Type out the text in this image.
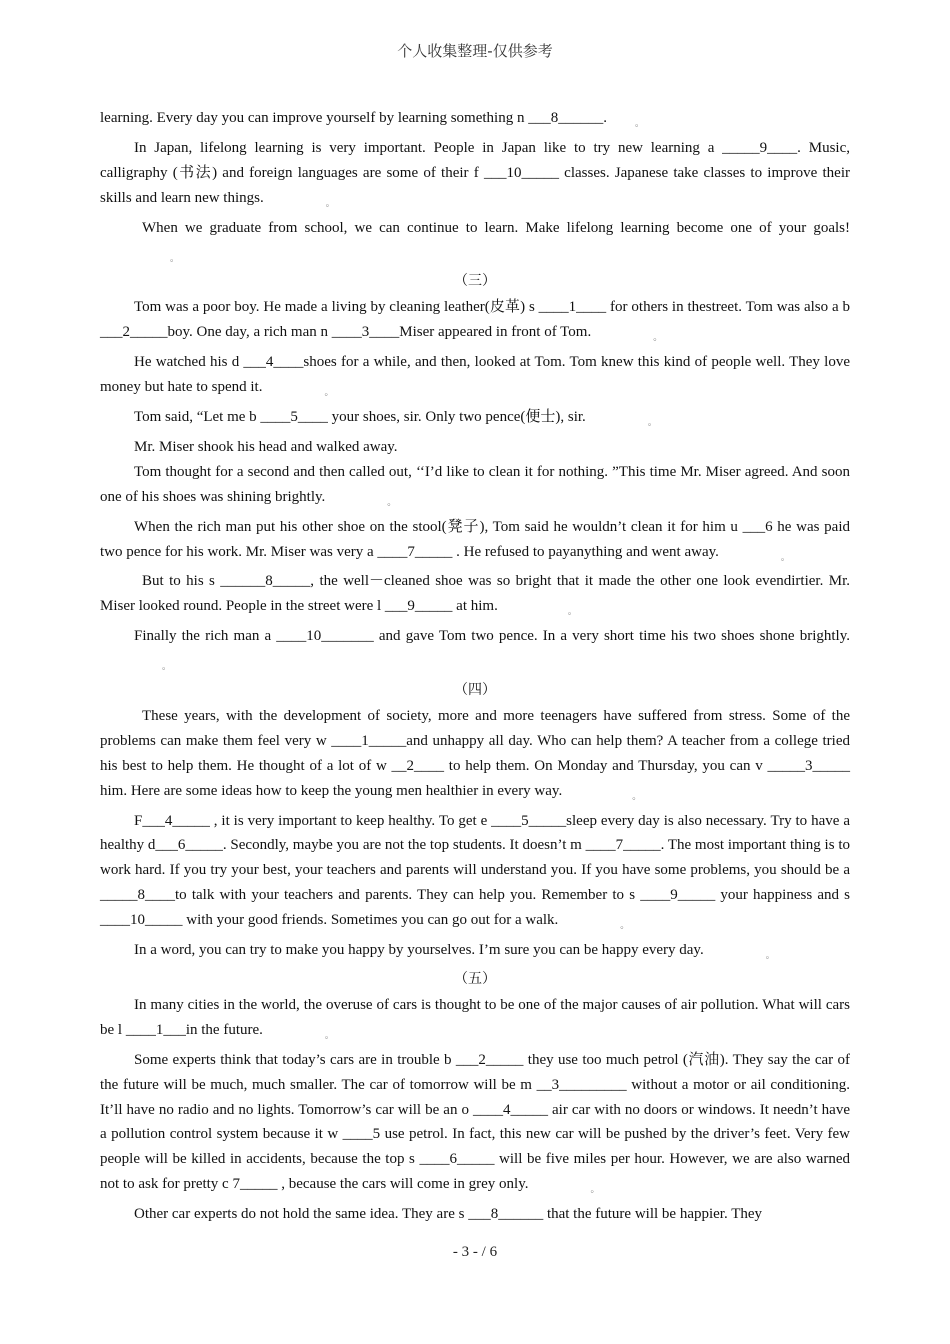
个人收集整理-仅供参考

learning. Every day you can improve yourself by learning something n ___8______.	。

In Japan, lifelong learning is very important. People in Japan like to try new learning a _____9____. Music, calligraphy (书法) and foreign languages are some of their f ___10_____ classes. Japanese take classes to improve their skills and learn new things.	。

When we graduate from school, we can continue to learn. Make lifelong learning become one of your goals!。

（三）

Tom was a poor boy. He made a living by cleaning leather(皮革) s ____1____ for others in thestreet. Tom was also a b ___2_____boy. One day, a rich man n ____3____Miser appeared in front of Tom.	。

He watched his d ___4____shoes for a while, and then, looked at Tom. Tom knew this kind of people well. They love money but hate to spend it.	。

Tom said, “Let me b ____5____ your shoes, sir. Only two pence(便士), sir.	。

Mr. Miser shook his head and walked away.

Tom thought for a second and then called out, ‘‘I’d like to clean it for nothing. ”This time Mr. Miser agreed. And soon one of his shoes was shining brightly.	。

When the rich man put his other shoe on the stool(凳子), Tom said he wouldn’t clean it for him u ___6 he was paid two pence for his work. Mr. Miser was very a ____7_____ . He refused to payanything and went away.	。

But to his s ______8_____, the well－cleaned shoe was so bright that it made the other one look evendirtier. Mr. Miser looked round. People in the street were l ___9_____ at him.	。

Finally the rich man a ____10_______ and gave Tom two pence. In a very short time his two shoes shone brightly.。

（四）

These years, with the development of society, more and more teenagers have suffered from stress. Some of the problems can make them feel very w ____1_____and unhappy all day. Who can help them? A teacher from a college tried his best to help them. He thought of a lot of w __2____ to help them. On Monday and Thursday, you can v _____3_____ him. Here are some ideas how to keep the young men healthier in every way.	。

F___4_____ , it is very important to keep healthy. To get e ____5_____sleep every day is also necessary. Try to have a healthy d___6_____. Secondly, maybe you are not the top students. It doesn’t m ____7_____. The most important thing is to work hard. If you try your best, your teachers and parents will understand you. If you have some problems, you should be a _____8____to talk with your teachers and parents. They can help you. Remember to s ____9_____ your happiness and s ____10_____ with your good friends. Sometimes you can go out for a walk.	。

In a word, you can try to make you happy by yourselves. I’m sure you can be happy every day.	。

（五）

In many cities in the world, the overuse of cars is thought to be one of the major causes of air pollution. What will cars be l ____1___in the future.	。

Some experts think that today’s cars are in trouble b ___2_____ they use too much petrol (汽油). They say the car of the future will be much, much smaller. The car of tomorrow will be m __3_________ without a motor or ail conditioning. It’ll have no radio and no lights. Tomorrow’s car will be an o ____4_____ air car with no doors or windows. It needn’t have a pollution control system because it w ____5 use petrol. In fact, this new car will be pushed by the driver’s feet. Very few people will be killed in accidents, because the top s ____6_____ will be five miles per hour. However, we are also warned not to ask for pretty c 7_____ , because the cars will come in grey only.	。

Other car experts do not hold the same idea. They are s ___8______ that the future will be happier. They

- 3 - / 6
